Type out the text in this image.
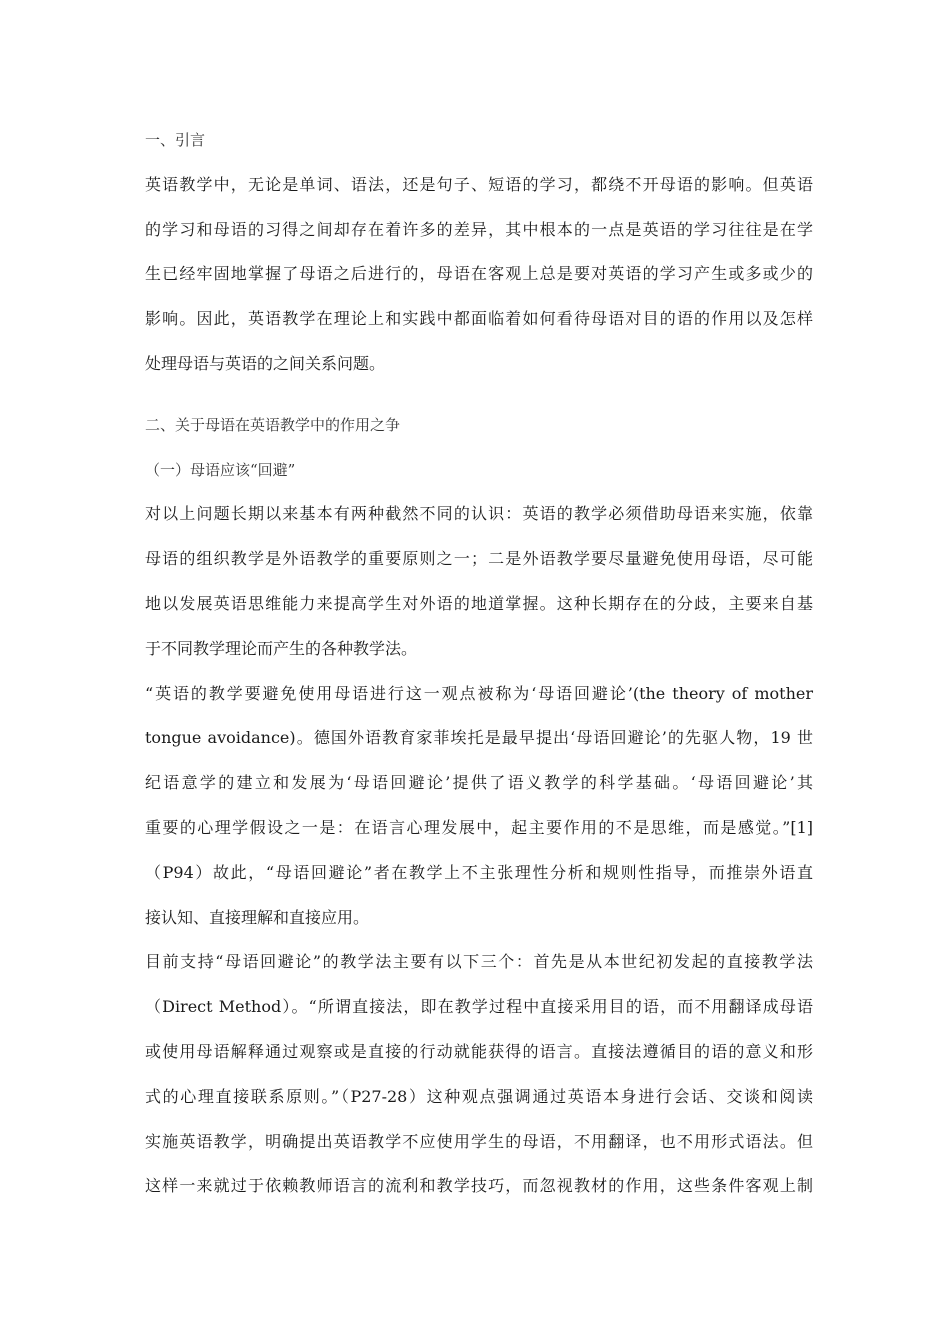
一、引言
英语教学中，无论是单词、语法，还是句子、短语的学习，都绕不开母语的影响。但英语
的学习和母语的习得之间却存在着许多的差异，其中根本的一点是英语的学习往往是在学
生已经牢固地掌握了母语之后进行的，母语在客观上总是要对英语的学习产生或多或少的
影响。因此，英语教学在理论上和实践中都面临着如何看待母语对目的语的作用以及怎样
处理母语与英语的之间关系问题。
二、关于母语在英语教学中的作用之争
（一）母语应该“回避”
对以上问题长期以来基本有两种截然不同的认识：英语的教学必须借助母语来实施，依靠
母语的组织教学是外语教学的重要原则之一；二是外语教学要尽量避免使用母语，尽可能
地以发展英语思维能力来提高学生对外语的地道掌握。这种长期存在的分歧，主要来自基
于不同教学理论而产生的各种教学法。
“英语的教学要避免使用母语进行这一观点被称为‘母语回避论’(the theory of mother
tongue avoidance)。德国外语教育家菲埃托是最早提出‘母语回避论’的先驱人物，19 世
纪语意学的建立和发展为‘母语回避论’提供了语义教学的科学基础。‘母语回避论’其
重要的心理学假设之一是：在语言心理发展中，起主要作用的不是思维，而是感觉。”[1]
（P94）故此，“母语回避论”者在教学上不主张理性分析和规则性指导，而推崇外语直
接认知、直接理解和直接应用。
目前支持“母语回避论”的教学法主要有以下三个：首先是从本世纪初发起的直接教学法
（Direct Method）。“所谓直接法，即在教学过程中直接采用目的语，而不用翻译成母语
或使用母语解释通过观察或是直接的行动就能获得的语言。直接法遵循目的语的意义和形
式的心理直接联系原则。”（P27-28）这种观点强调通过英语本身进行会话、交谈和阅读
实施英语教学，明确提出英语教学不应使用学生的母语，不用翻译，也不用形式语法。但
这样一来就过于依赖教师语言的流利和教学技巧，而忽视教材的作用，这些条件客观上制
